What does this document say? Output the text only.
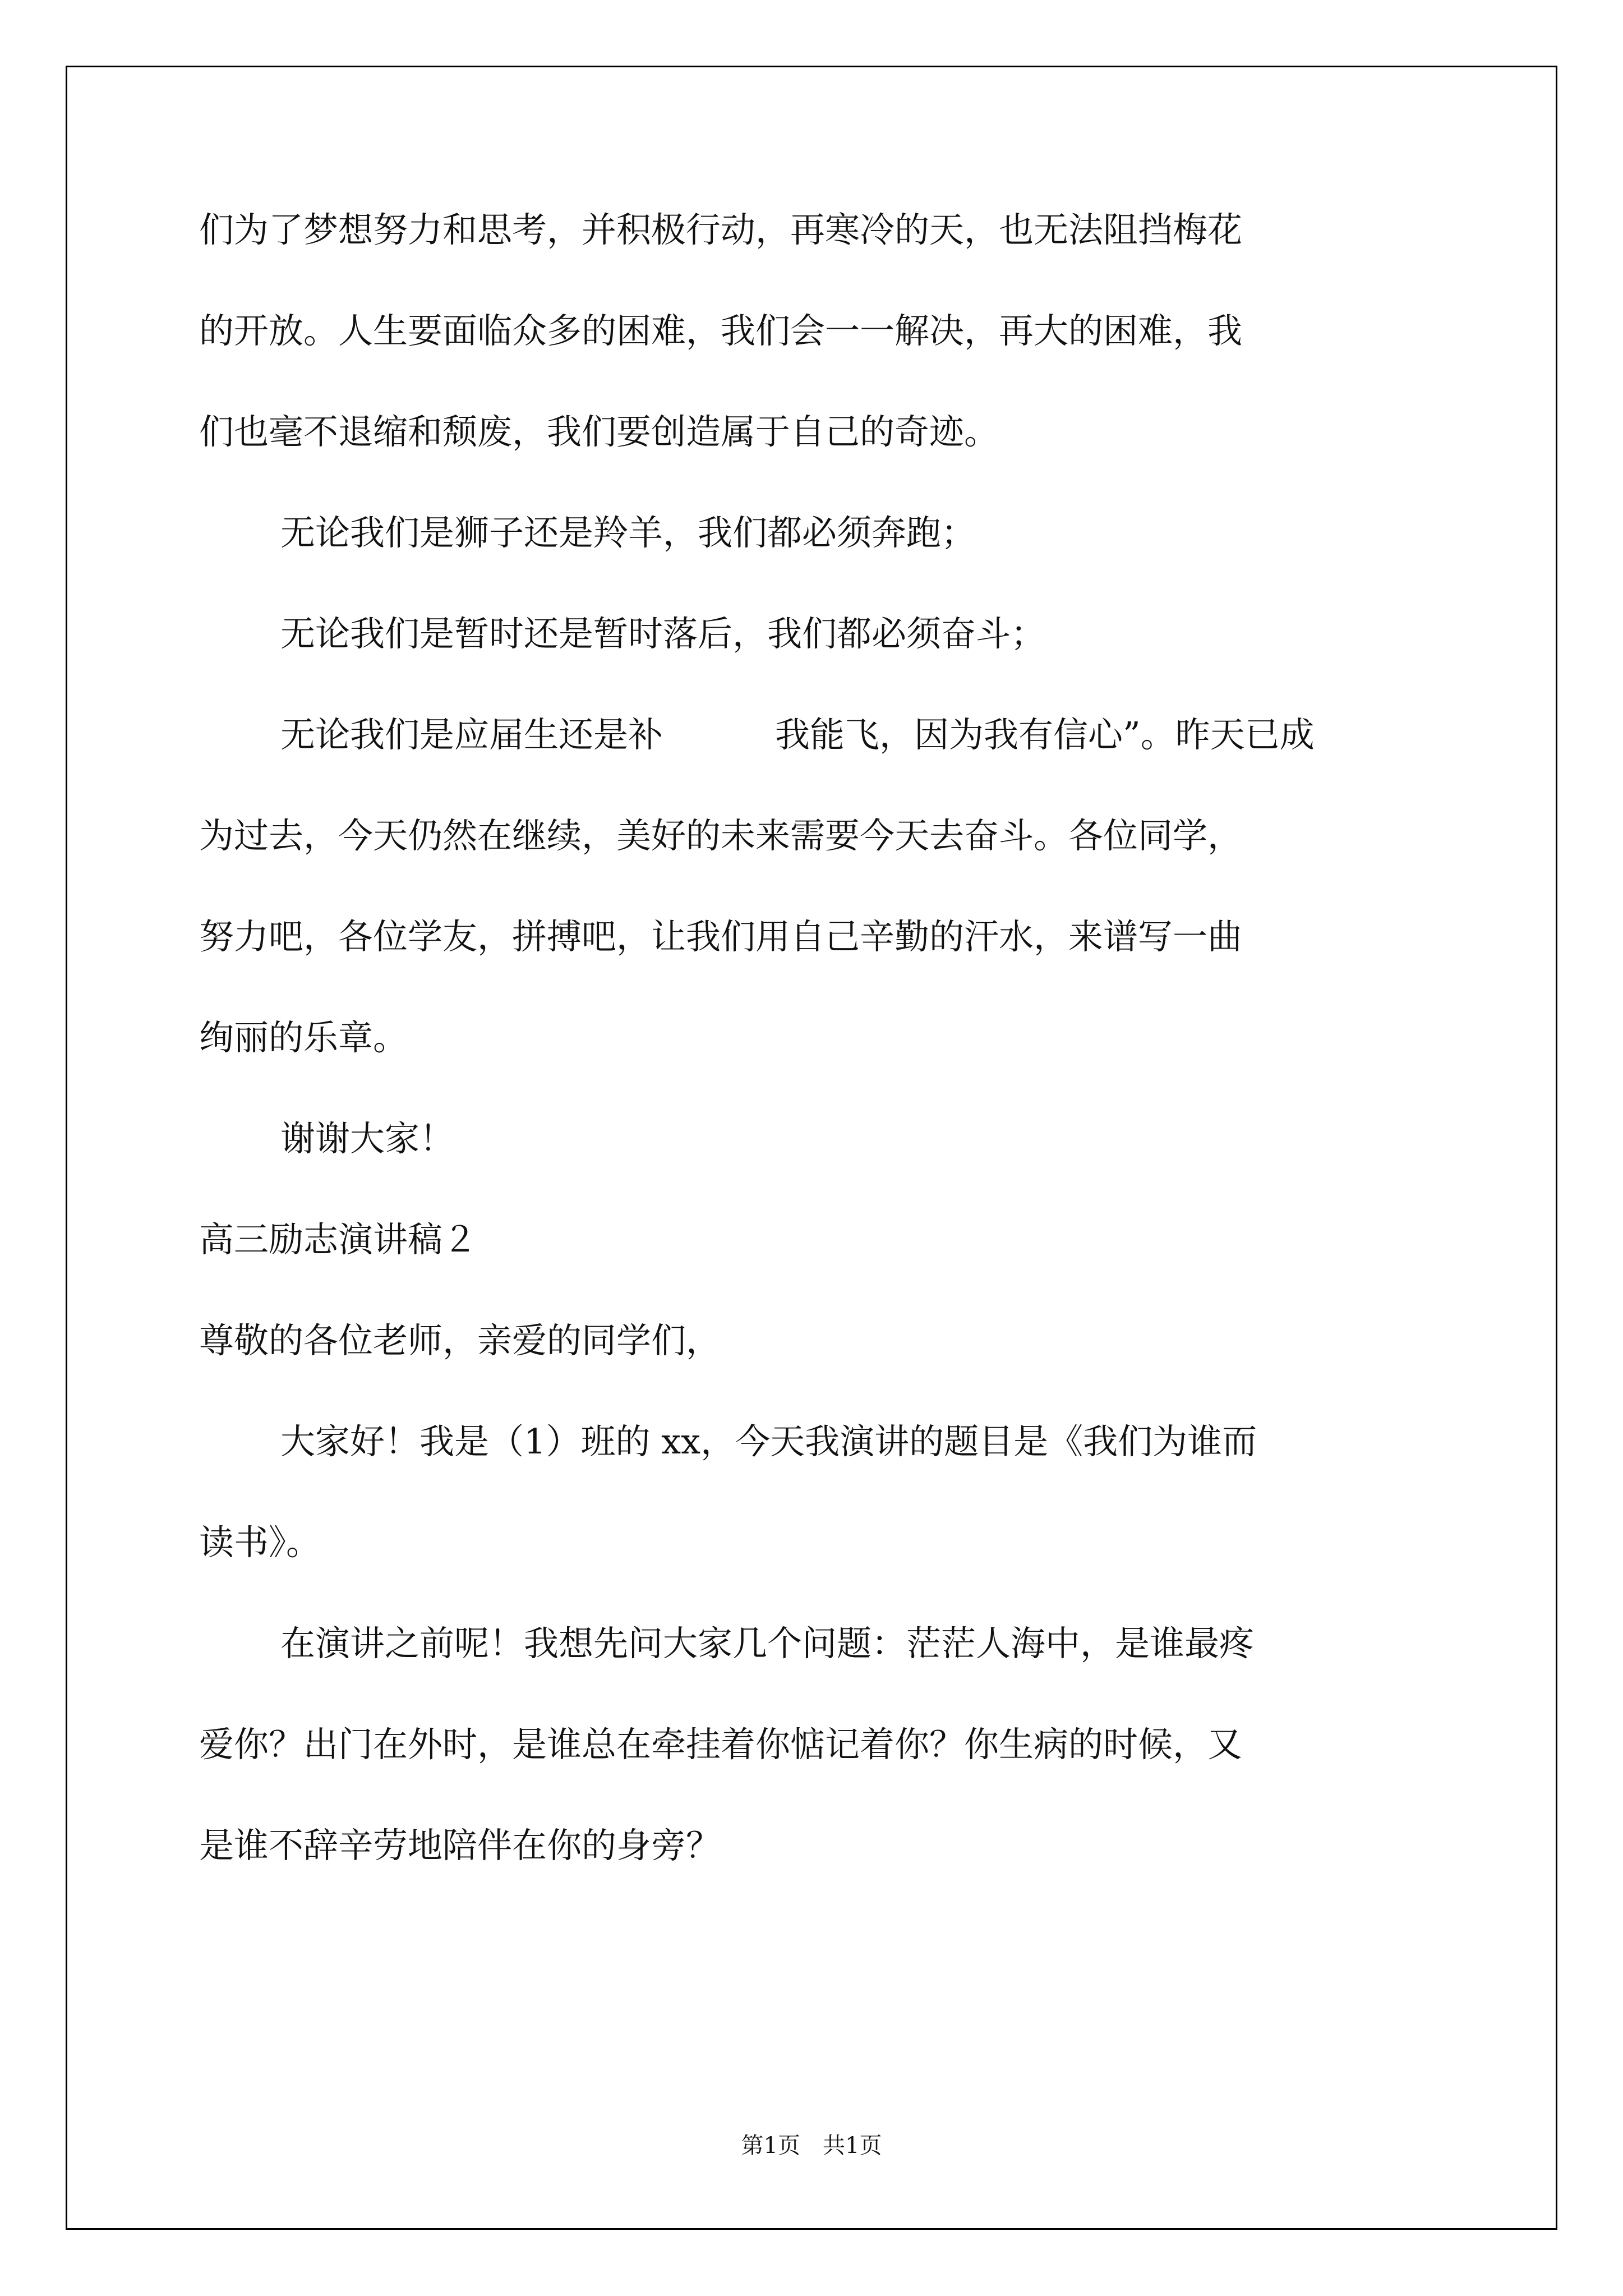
们为了梦想努力和思考，并积极行动，再寒冷的天，也无法阻挡梅花
的开放。人生要面临众多的困难，我们会一一解决，再大的困难，我
们也毫不退缩和颓废，我们要创造属于自己的奇迹。
无论我们是狮子还是羚羊，我们都必须奔跑；
无论我们是暂时还是暂时落后，我们都必须奋斗；
无论我们是应届生还是补	我能飞，因为我有信心”。昨天已成
为过去，今天仍然在继续，美好的未来需要今天去奋斗。各位同学，
努力吧，各位学友，拼搏吧，让我们用自己辛勤的汗水，来谱写一曲
绚丽的乐章。
谢谢大家！
高三励志演讲稿２
尊敬的各位老师，亲爱的同学们，
大家好！我是（1）班的 xx，今天我演讲的题目是《我们为谁而
读书》。
在演讲之前呢！我想先问大家几个问题：茫茫人海中，是谁最疼
爱你？出门在外时，是谁总在牵挂着你惦记着你？你生病的时候，又
是谁不辞辛劳地陪伴在你的身旁？
第1页　共1页
